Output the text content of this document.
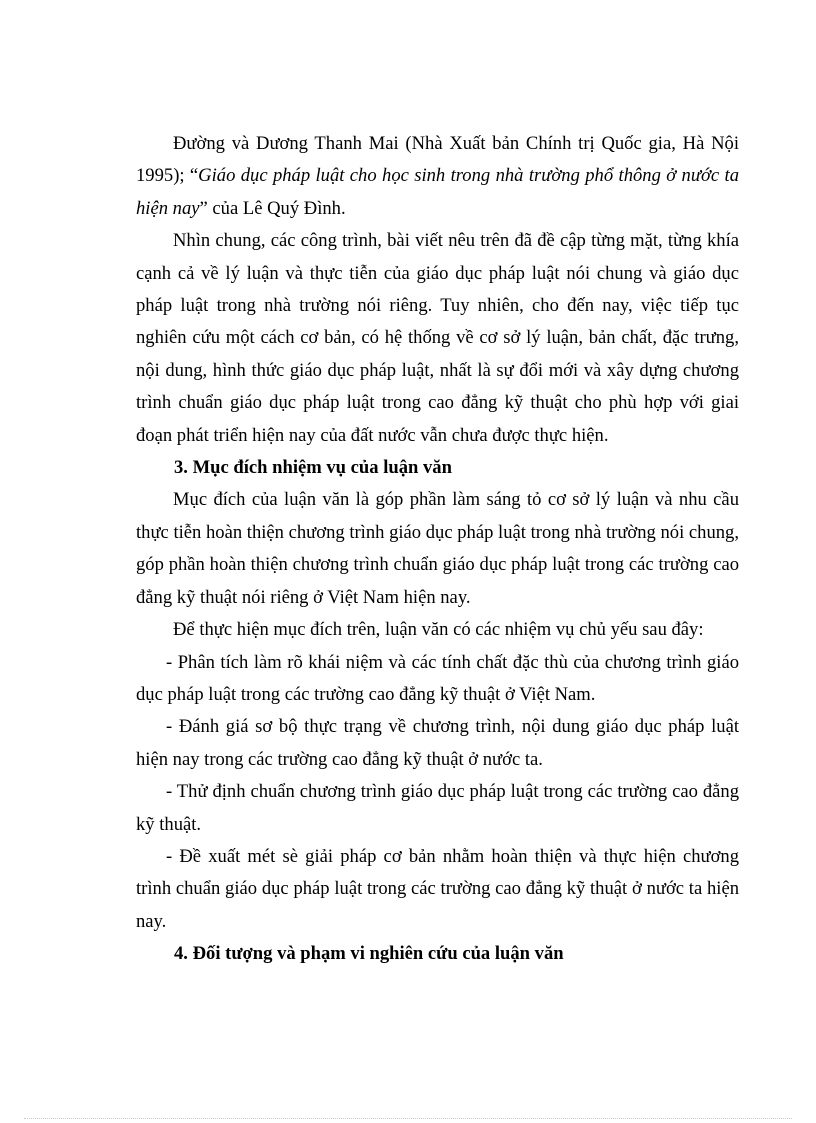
Đường và Dương Thanh Mai (Nhà Xuất bản Chính trị Quốc gia, Hà Nội 1995); “Giáo dục pháp luật cho học sinh trong nhà trường phổ thông ở nước ta hiện nay” của Lê Quý Đình.

Nhìn chung, các công trình, bài viết nêu trên đã đề cập từng mặt, từng khía cạnh cả về lý luận và thực tiễn của giáo dục pháp luật nói chung và giáo dục pháp luật trong nhà trường nói riêng. Tuy nhiên, cho đến nay, việc tiếp tục nghiên cứu một cách cơ bản, có hệ thống về cơ sở lý luận, bản chất, đặc trưng, nội dung, hình thức giáo dục pháp luật, nhất là sự đổi mới và xây dựng chương trình chuẩn giáo dục pháp luật trong cao đẳng kỹ thuật cho phù hợp với giai đoạn phát triển hiện nay của đất nước vẫn chưa được thực hiện.

3. Mục đích nhiệm vụ của luận văn

Mục đích của luận văn là góp phần làm sáng tỏ cơ sở lý luận và nhu cầu thực tiễn hoàn thiện chương trình giáo dục pháp luật trong nhà trường nói chung, góp phần hoàn thiện chương trình chuẩn giáo dục pháp luật trong các trường cao đẳng kỹ thuật nói riêng ở Việt Nam hiện nay.

Để thực hiện mục đích trên, luận văn có các nhiệm vụ chủ yếu sau đây:

- Phân tích làm rõ khái niệm và các tính chất đặc thù của chương trình giáo dục pháp luật trong các trường cao đẳng kỹ thuật ở Việt Nam.

- Đánh giá sơ bộ thực trạng về chương trình, nội dung giáo dục pháp luật hiện nay trong các trường cao đẳng kỹ thuật ở nước ta.

- Thử định chuẩn chương trình giáo dục pháp luật trong các trường cao đẳng kỹ thuật.

- Đề xuất mét sè giải pháp cơ bản nhằm hoàn thiện và thực hiện chương trình chuẩn giáo dục pháp luật trong các trường cao đẳng kỹ thuật ở nước ta hiện nay.

4. Đối tượng và phạm vi nghiên cứu của luận văn
